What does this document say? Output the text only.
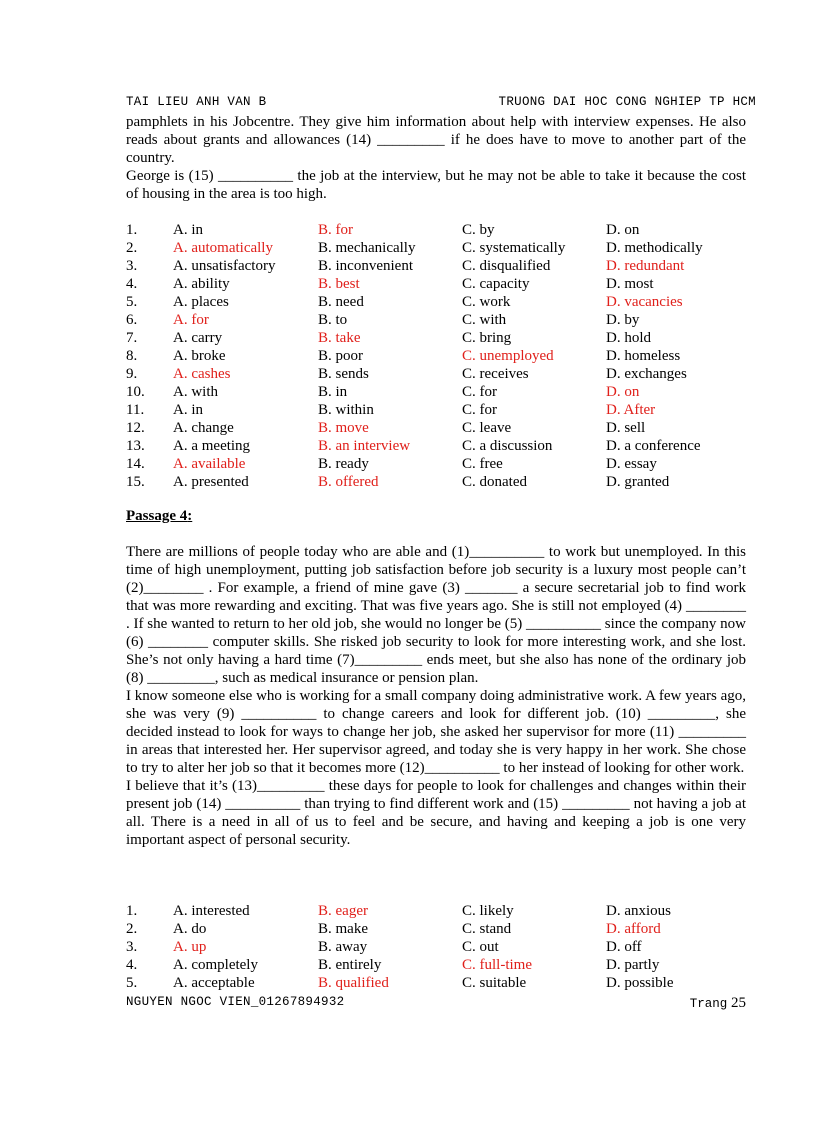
TAI LIEU ANH VAN B	TRUONG DAI HOC CONG NGHIEP TP HCM

pamphlets in his Jobcentre. They give him information about help with interview expenses. He also reads about grants and allowances (14) _________ if he does have to move to another part of the country.

George is (15) __________ the job at the interview, but he may not be able to take it because the cost of housing in the area is too high.

1. A. in	B. for	C. by	D. on
2. A. automatically	B. mechanically	C. systematically	D. methodically
3. A. unsatisfactory	B. inconvenient	C. disqualified	D. redundant
4. A. ability	B. best	C. capacity	D. most
5. A. places	B. need	C. work	D. vacancies
6. A. for	B. to	C. with	D. by
7. A. carry	B. take	C. bring	D. hold
8. A. broke	B. poor	C. unemployed	D. homeless
9. A. cashes	B. sends	C. receives	D. exchanges
10. A. with	B. in	C. for	D. on
11. A. in	B. within	C. for	D. After
12. A. change	B. move	C. leave	D. sell
13. A. a meeting	B. an interview	C. a discussion	D. a conference
14. A. available	B. ready	C. free	D. essay
15. A. presented	B. offered	C. donated	D. granted
Passage 4:

There are millions of people today who are able and (1)__________ to work but unemployed. In this time of high unemployment, putting job satisfaction before job security is a luxury most people can’t (2)________ . For example, a friend of mine gave (3) _______ a secure secretarial job to find work that was more rewarding and exciting. That was five years ago. She is still not employed (4) ________ . If she wanted to return to her old job, she would no longer be (5) __________ since the company now (6) ________ computer skills. She risked job security to look for more interesting work, and she lost. She’s not only having a hard time (7)_________ ends meet, but she also has none of the ordinary job (8) _________, such as medical insurance or pension plan.

I know someone else who is working for a small company doing administrative work. A few years ago, she was very (9) __________ to change careers and look for different job. (10) _________, she decided instead to look for ways to change her job, she asked her supervisor for more (11) _________ in areas that interested her. Her supervisor agreed, and today she is very happy in her work. She chose to try to alter her job so that it becomes more (12)__________ to her instead of looking for other work.

I believe that it’s (13)_________ these days for people to look for challenges and changes within their present job (14) __________ than trying to find different work and (15) _________ not having a job at all. There is a need in all of us to feel and be secure, and having and keeping a job is one very important aspect of personal security.

1. A. interested	B. eager	C. likely	D. anxious
2. A. do	B. make	C. stand	D. afford
3. A. up	B. away	C. out	D. off
4. A. completely	B. entirely	C. full-time	D. partly
5. A. acceptable	B. qualified	C. suitable	D. possible
NGUYEN NGOC VIEN_01267894932	Trang 25
